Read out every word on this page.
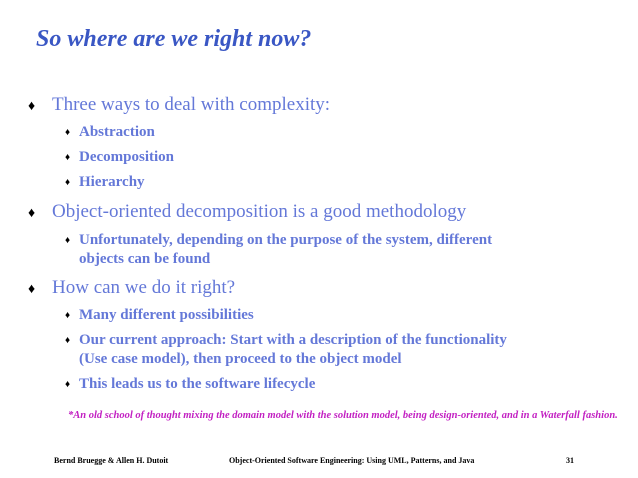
So where are we right now?
♦ Three ways to deal with complexity:
♦ Abstraction
♦ Decomposition
♦ Hierarchy
♦ Object-oriented decomposition is a good methodology
♦ Unfortunately, depending on the purpose of the system, different
objects can be found
♦ How can we do it right?
♦ Many different possibilities
♦ Our current approach: Start with a description of the functionality
(Use case model), then proceed to the object model
♦ This leads us to the software lifecycle
*An old school of thought mixing the domain model with the solution model, being design-oriented, and in a Waterfall fashion.
Bernd Bruegge & Allen H. Dutoit	Object-Oriented Software Engineering: Using UML, Patterns, and Java	31
